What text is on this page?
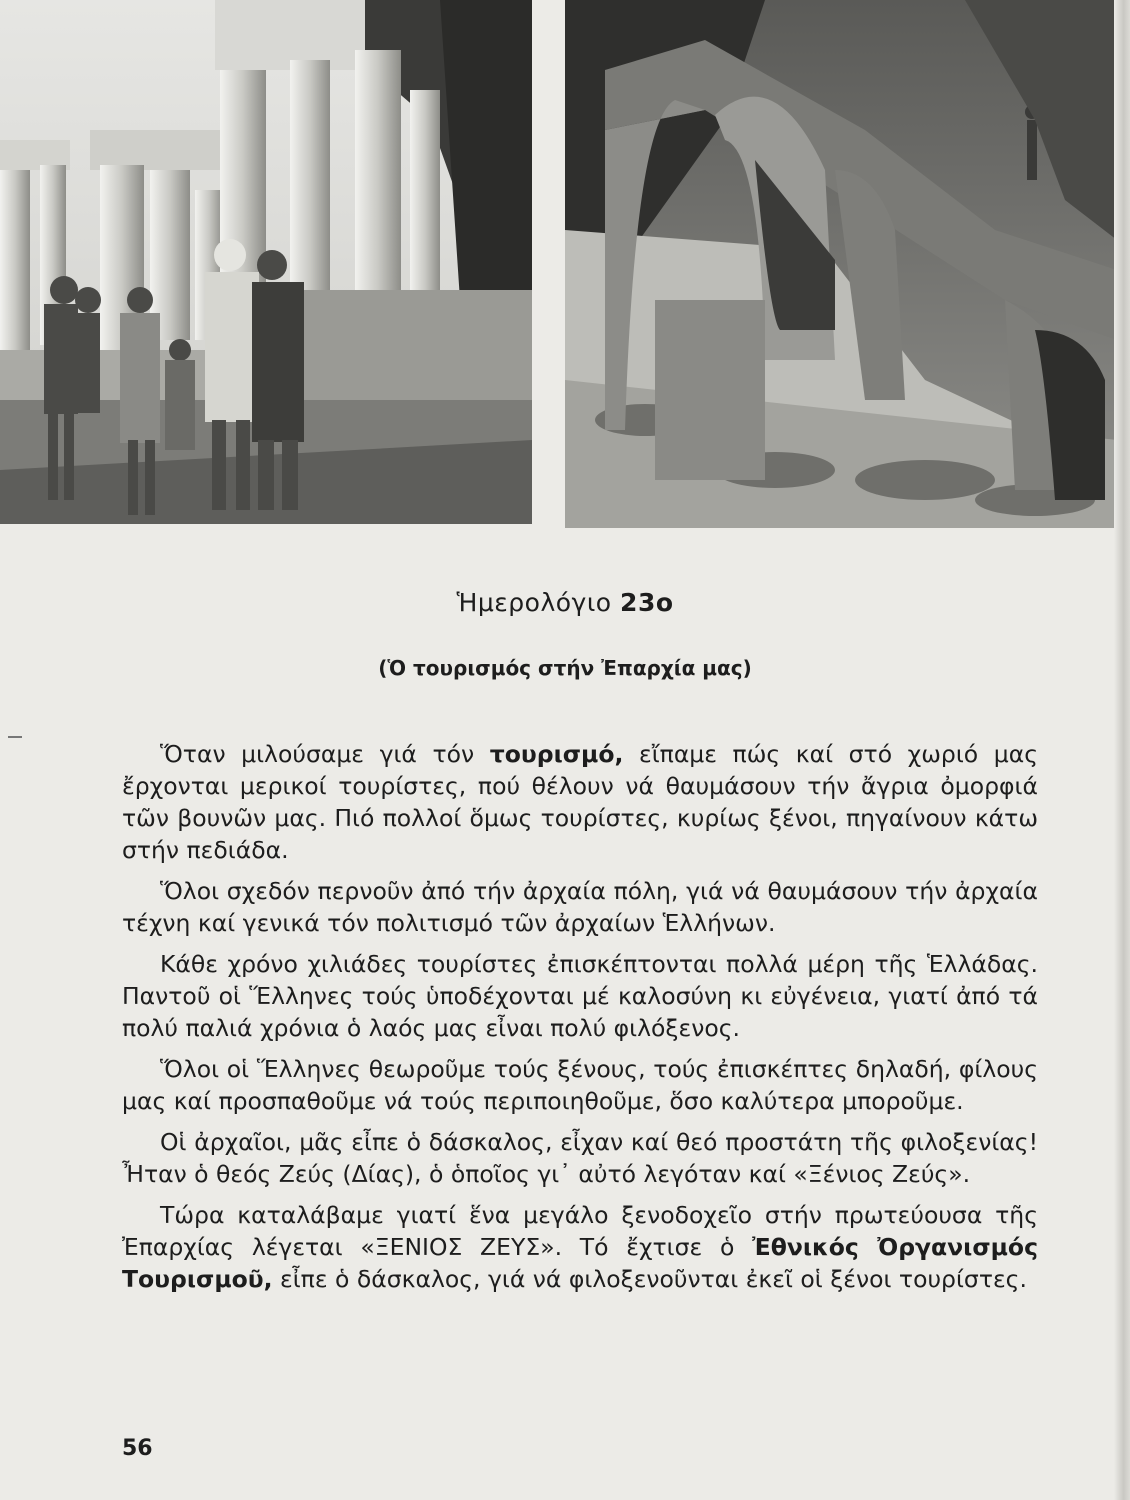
Ἡμερολόγιο 23ο
(Ὁ τουρισμός στήν Ἐπαρχία μας)

Ὅταν μιλούσαμε γιά τόν τουρισμό, εἴπαμε πώς καί στό χωριό μας ἔρχονται μερικοί τουρίστες, πού θέλουν νά θαυμάσουν τήν ἄγρια ὀμορφιά τῶν βουνῶν μας. Πιό πολλοί ὅμως τουρίστες, κυρίως ξένοι, πηγαίνουν κάτω στήν πεδιάδα.

Ὅλοι σχεδόν περνοῦν ἀπό τήν ἀρχαία πόλη, γιά νά θαυμάσουν τήν ἀρχαία τέχνη καί γενικά τόν πολιτισμό τῶν ἀρχαίων Ἑλλήνων.

Κάθε χρόνο χιλιάδες τουρίστες ἐπισκέπτονται πολλά μέρη τῆς Ἑλλάδας. Παντοῦ οἱ Ἕλληνες τούς ὑποδέχονται μέ καλοσύνη κι εὐγένεια, γιατί ἀπό τά πολύ παλιά χρόνια ὁ λαός μας εἶναι πολύ φιλόξενος.

Ὅλοι οἱ Ἕλληνες θεωροῦμε τούς ξένους, τούς ἐπισκέπτες δηλαδή, φίλους μας καί προσπαθοῦμε νά τούς περιποιηθοῦμε, ὅσο καλύτερα μποροῦμε.

Οἱ ἀρχαῖοι, μᾶς εἶπε ὁ δάσκαλος, εἶχαν καί θεό προστάτη τῆς φιλοξενίας! Ἦταν ὁ θεός Ζεύς (Δίας), ὁ ὁποῖος γι᾽ αὐτό λεγόταν καί «Ξένιος Ζεύς».

Τώρα καταλάβαμε γιατί ἕνα μεγάλο ξενοδοχεῖο στήν πρωτεύουσα τῆς Ἐπαρχίας λέγεται «ΞΕΝΙΟΣ ΖΕΥΣ». Τό ἔχτισε ὁ Ἐθνικός Ὀργανισμός Τουρισμοῦ, εἶπε ὁ δάσκαλος, γιά νά φιλοξενοῦνται ἐκεῖ οἱ ξένοι τουρίστες.

56
